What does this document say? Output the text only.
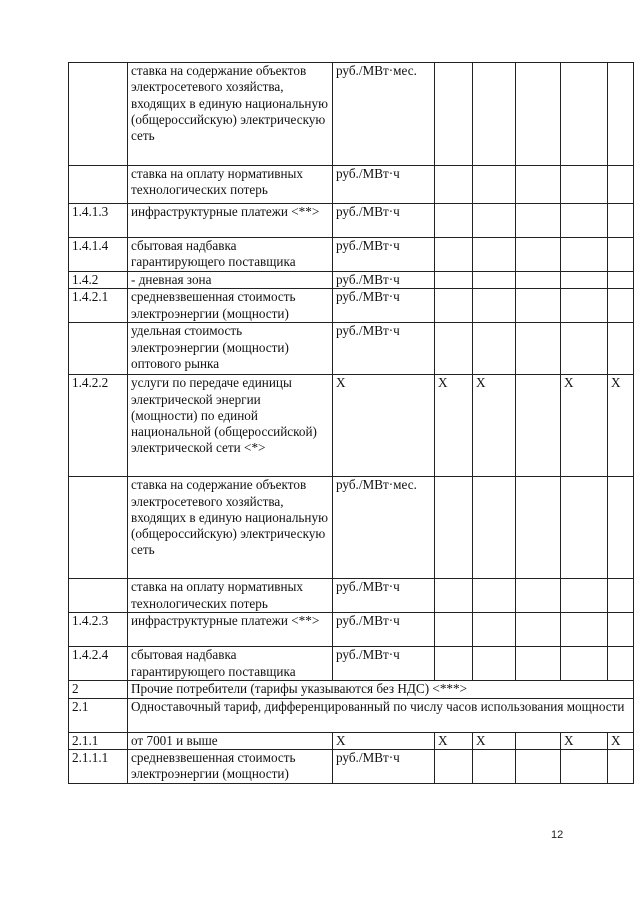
	ставка на содержание объектов электросетевого хозяйства, входящих в единую национальную (общероссийскую) электрическую сеть	руб./МВт·мес.					
	ставка на оплату нормативных технологических потерь	руб./МВт·ч					
1.4.1.3	инфраструктурные платежи <**>	руб./МВт·ч					
1.4.1.4	сбытовая надбавка гарантирующего поставщика	руб./МВт·ч					
1.4.2	- дневная зона	руб./МВт·ч					
1.4.2.1	средневзвешенная стоимость электроэнергии (мощности)	руб./МВт·ч					
	удельная стоимость электроэнергии (мощности) оптового рынка	руб./МВт·ч					
1.4.2.2	услуги по передаче единицы электрической энергии (мощности) по единой национальной (общероссийской) электрической сети <*>	X	X	X		X	X
	ставка на содержание объектов электросетевого хозяйства, входящих в единую национальную (общероссийскую) электрическую сеть	руб./МВт·мес.					
	ставка на оплату нормативных технологических потерь	руб./МВт·ч					
1.4.2.3	инфраструктурные платежи <**>	руб./МВт·ч					
1.4.2.4	сбытовая надбавка гарантирующего поставщика	руб./МВт·ч					
2	Прочие потребители (тарифы указываются без НДС) <***>						
2.1	Одноставочный тариф, дифференцированный по числу часов использования мощности						
2.1.1	от 7001 и выше	X	X	X		X	X
2.1.1.1	средневзвешенная стоимость электроэнергии (мощности)	руб./МВт·ч					
12
